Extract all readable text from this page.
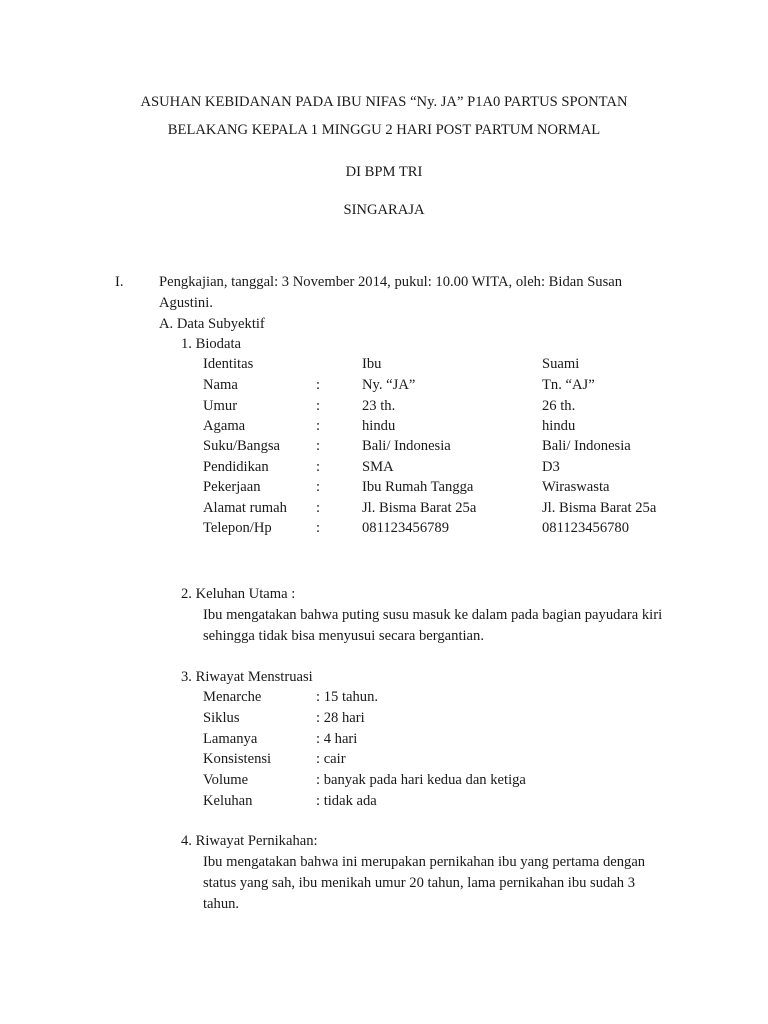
ASUHAN KEBIDANAN PADA IBU NIFAS “Ny. JA” P1A0 PARTUS SPONTAN
BELAKANG KEPALA 1 MINGGU 2 HARI POST PARTUM NORMAL
DI BPM TRI
SINGARAJA
I. Pengkajian, tanggal: 3 November 2014, pukul: 10.00 WITA, oleh: Bidan Susan
Agustini.
A. Data Subyektif
1. Biodata
Identitas	Ibu	Suami
Nama	:	Ny. “JA”	Tn. “AJ”
Umur	:	23 th.	26 th.
Agama	:	hindu	hindu
Suku/Bangsa :	Bali/ Indonesia	Bali/ Indonesia
Pendidikan	:	SMA	D3
Pekerjaan	:	Ibu Rumah Tangga	Wiraswasta
Alamat rumah :	Jl. Bisma Barat 25a	Jl. Bisma Barat 25a
Telepon/Hp	:	081123456789	081123456780
2. Keluhan Utama :
Ibu mengatakan bahwa puting susu masuk ke dalam pada bagian payudara kiri
sehingga tidak bisa menyusui secara bergantian.
3. Riwayat Menstruasi
Menarche	: 15 tahun.
Siklus	: 28 hari
Lamanya	: 4 hari
Konsistensi	: cair
Volume	: banyak pada hari kedua dan ketiga
Keluhan	: tidak ada
4. Riwayat Pernikahan:
Ibu mengatakan bahwa ini merupakan pernikahan ibu yang pertama dengan
status yang sah, ibu menikah umur 20 tahun, lama pernikahan ibu sudah 3
tahun.
